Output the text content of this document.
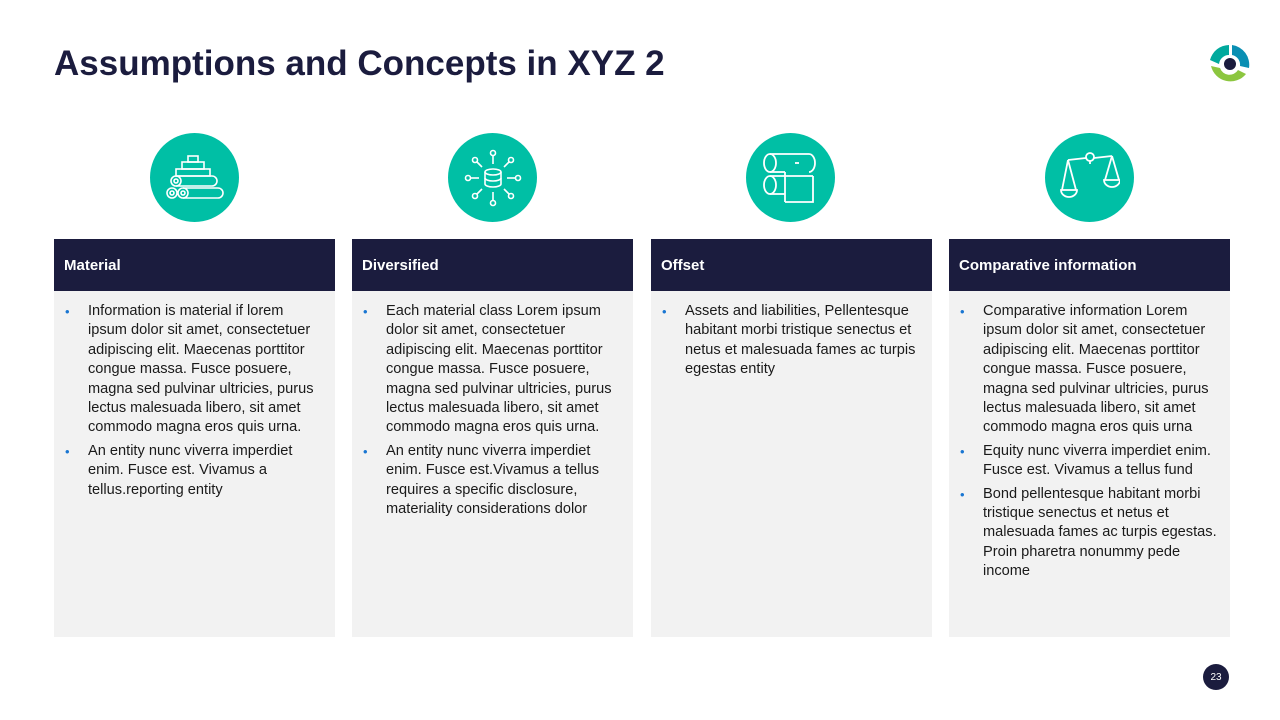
Assumptions and Concepts in XYZ 2
Material
• Information is material if lorem ipsum dolor sit amet, consectetuer adipiscing elit. Maecenas porttitor congue massa. Fusce posuere, magna sed pulvinar ultricies, purus lectus malesuada libero, sit amet commodo magna eros quis urna.
• An entity nunc viverra imperdiet enim. Fusce est. Vivamus a tellus.reporting entity
Diversified
• Each material class Lorem ipsum dolor sit amet, consectetuer adipiscing elit. Maecenas porttitor congue massa. Fusce posuere, magna sed pulvinar ultricies, purus lectus malesuada libero, sit amet commodo magna eros quis urna.
• An entity nunc viverra imperdiet enim. Fusce est.Vivamus a tellus requires a specific disclosure, materiality considerations dolor
Offset
• Assets and liabilities, Pellentesque habitant morbi tristique senectus et netus et malesuada fames ac turpis egestas entity
Comparative information
• Comparative information Lorem ipsum dolor sit amet, consectetuer adipiscing elit. Maecenas porttitor congue massa. Fusce posuere, magna sed pulvinar ultricies, purus lectus malesuada libero, sit amet commodo magna eros quis urna
• Equity nunc viverra imperdiet enim. Fusce est. Vivamus a tellus fund
• Bond pellentesque habitant morbi tristique senectus et netus et malesuada fames ac turpis egestas. Proin pharetra nonummy pede income
23
